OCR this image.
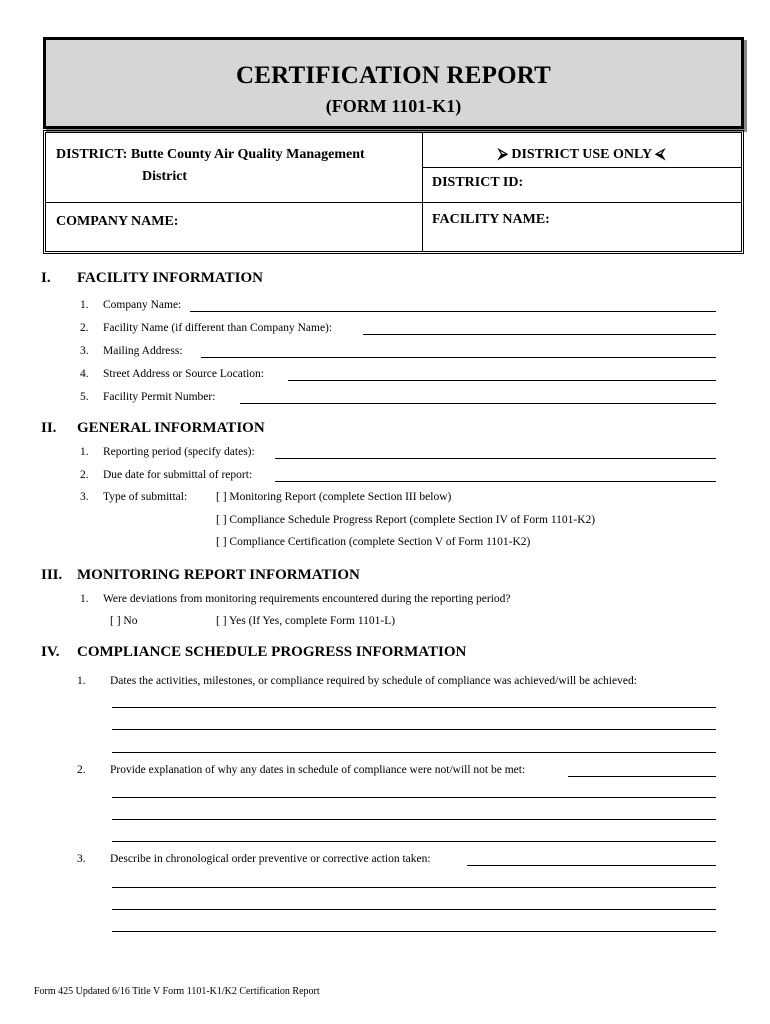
CERTIFICATION REPORT
(FORM 1101-K1)
DISTRICT: Butte County Air Quality Management
District
⮚ DISTRICT USE ONLY ⮘
DISTRICT ID:
COMPANY NAME:	FACILITY NAME:
I. FACILITY INFORMATION
1. Company Name:
2. Facility Name (if different than Company Name):
3. Mailing Address:
4. Street Address or Source Location:
5. Facility Permit Number:
II. GENERAL INFORMATION
1. Reporting period (specify dates):
2. Due date for submittal of report:
3. Type of submittal:	[ ] Monitoring Report (complete Section III below)
[ ] Compliance Schedule Progress Report (complete Section IV of Form 1101-K2)
[ ] Compliance Certification (complete Section V of Form 1101-K2)
III. MONITORING REPORT INFORMATION
1. Were deviations from monitoring requirements encountered during the reporting period?
[ ] No	[ ] Yes (If Yes, complete Form 1101-L)
IV. COMPLIANCE SCHEDULE PROGRESS INFORMATION
1. Dates the activities, milestones, or compliance required by schedule of compliance was achieved/will be achieved:
2. Provide explanation of why any dates in schedule of compliance were not/will not be met:
3. Describe in chronological order preventive or corrective action taken:
Form 425 Updated 6/16 Title V Form 1101-K1/K2 Certification Report
